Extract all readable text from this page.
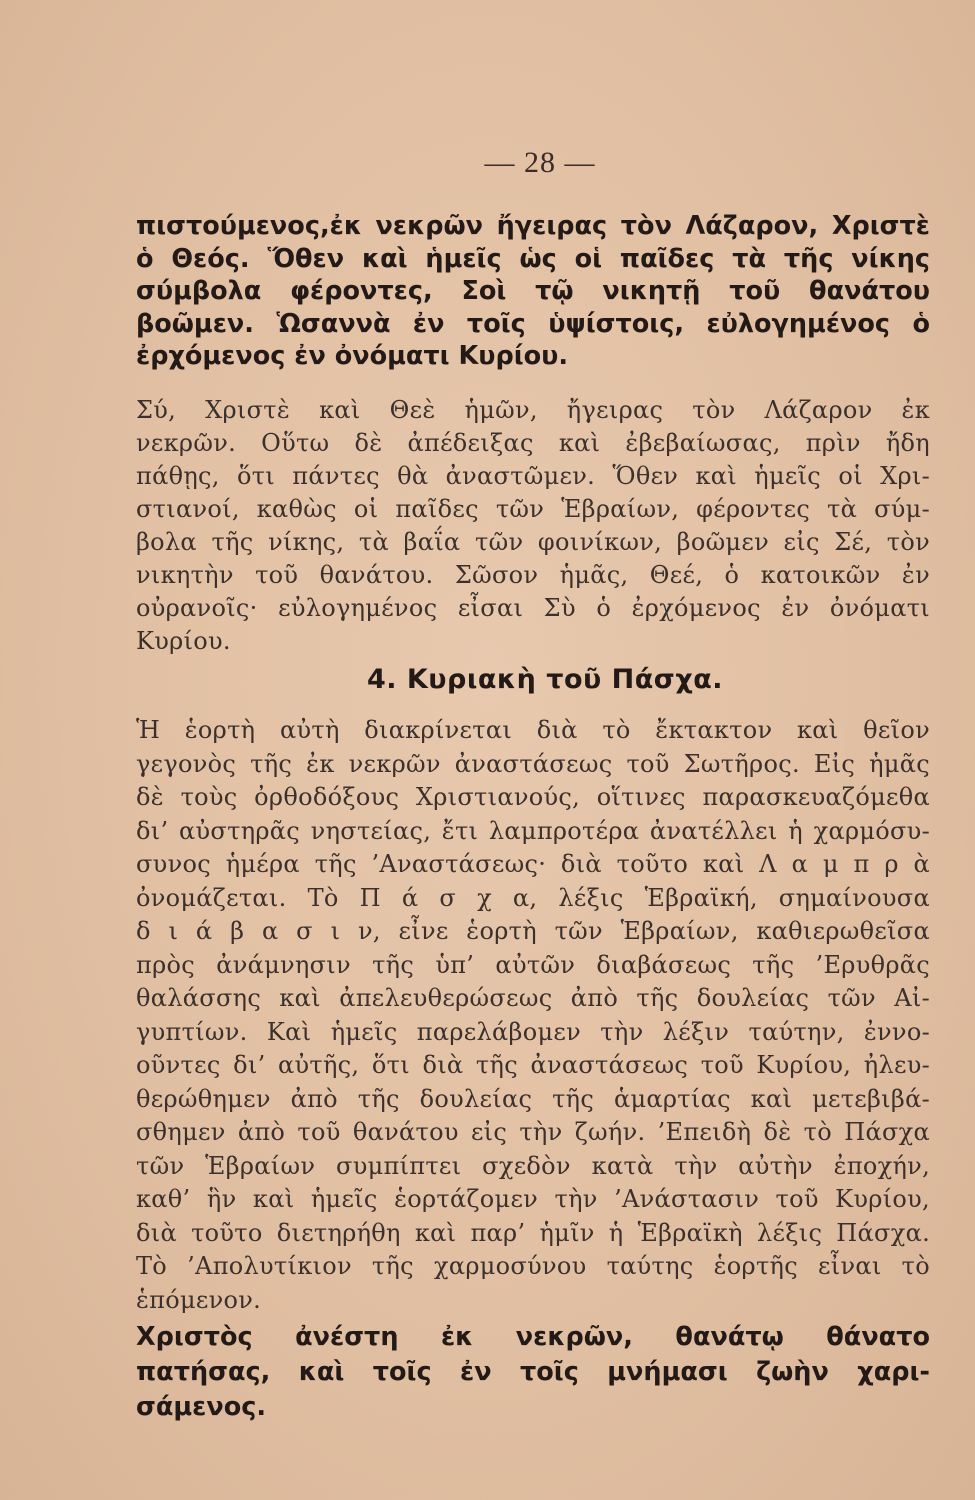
— 28 —
πιστούμενος,ἐκ νεκρῶν ἤγειρας τὸν Λάζαρον, Χριστὲ
ὁ Θεός. Ὅθεν καὶ ἡμεῖς ὡς οἱ παῖδες τὰ τῆς νίκης
σύμβολα φέροντες, Σοὶ τῷ νικητῇ τοῦ θανάτου
βοῶμεν. Ὡσαννὰ ἐν τοῖς ὑψίστοις, εὐλογημένος ὁ
ἐρχόμενος ἐν ὀνόματι Κυρίου.
Σύ, Χριστὲ καὶ Θεὲ ἡμῶν, ἤγειρας τὸν Λάζαρον ἐκ
νεκρῶν. Οὕτω δὲ ἀπέδειξας καὶ ἐβεβαίωσας, πρὶν ἤδη
πάθῃς, ὅτι πάντες θὰ ἀναστῶμεν. Ὅθεν καὶ ἡμεῖς οἱ Χρι-
στιανοί, καθὼς οἱ παῖδες τῶν Ἑβραίων, φέροντες τὰ σύμ-
βολα τῆς νίκης, τὰ βαΐα τῶν φοινίκων, βοῶμεν εἰς Σέ, τὸν
νικητὴν τοῦ θανάτου. Σῶσον ἡμᾶς, Θεέ, ὁ κατοικῶν ἐν
οὐρανοῖς· εὐλογημένος εἶσαι Σὺ ὁ ἐρχόμενος ἐν ὀνόματι
Κυρίου.
4. Κυριακὴ τοῦ Πάσχα.
Ἡ ἑορτὴ αὐτὴ διακρίνεται διὰ τὸ ἔκτακτον καὶ θεῖον
γεγονὸς τῆς ἐκ νεκρῶν ἀναστάσεως τοῦ Σωτῆρος. Εἰς ἡμᾶς
δὲ τοὺς ὀρθοδόξους Χριστιανούς, οἵτινες παρασκευαζόμεθα
δι’ αὐστηρᾶς νηστείας, ἔτι λαμπροτέρα ἀνατέλλει ἡ χαρμόσυ-
συνος ἡμέρα τῆς ’Αναστάσεως· διὰ τοῦτο καὶ Λ α μ π ρ ὰ
ὀνομάζεται. Τὸ Π ά σ χ α, λέξις Ἑβραϊκή, σημαίνουσα
δ ι ά β α σ ι ν, εἶνε ἑορτὴ τῶν Ἑβραίων, καθιερωθεῖσα
πρὸς ἀνάμνησιν τῆς ὑπ’ αὐτῶν διαβάσεως τῆς ’Ερυθρᾶς
θαλάσσης καὶ ἀπελευθερώσεως ἀπὸ τῆς δουλείας τῶν Αἰ-
γυπτίων. Καὶ ἡμεῖς παρελάβομεν τὴν λέξιν ταύτην, ἐννο-
οῦντες δι’ αὐτῆς, ὅτι διὰ τῆς ἀναστάσεως τοῦ Κυρίου, ἠλευ-
θερώθημεν ἀπὸ τῆς δουλείας τῆς ἁμαρτίας καὶ μετεβιβά-
σθημεν ἀπὸ τοῦ θανάτου εἰς τὴν ζωήν. ’Επειδὴ δὲ τὸ Πάσχα
τῶν Ἑβραίων συμπίπτει σχεδὸν κατὰ τὴν αὐτὴν ἐποχήν,
καθ’ ἣν καὶ ἡμεῖς ἑορτάζομεν τὴν ’Ανάστασιν τοῦ Κυρίου,
διὰ τοῦτο διετηρήθη καὶ παρ’ ἡμῖν ἡ Ἑβραϊκὴ λέξις Πάσχα.
Τὸ ’Απολυτίκιον τῆς χαρμοσύνου ταύτης ἑορτῆς εἶναι τὸ
ἑπόμενον.
Χριστὸς ἀνέστη ἐκ νεκρῶν, θανάτῳ θάνατο
πατήσας, καὶ τοῖς ἐν τοῖς μνήμασι ζωὴν χαρι-
σάμενος.
